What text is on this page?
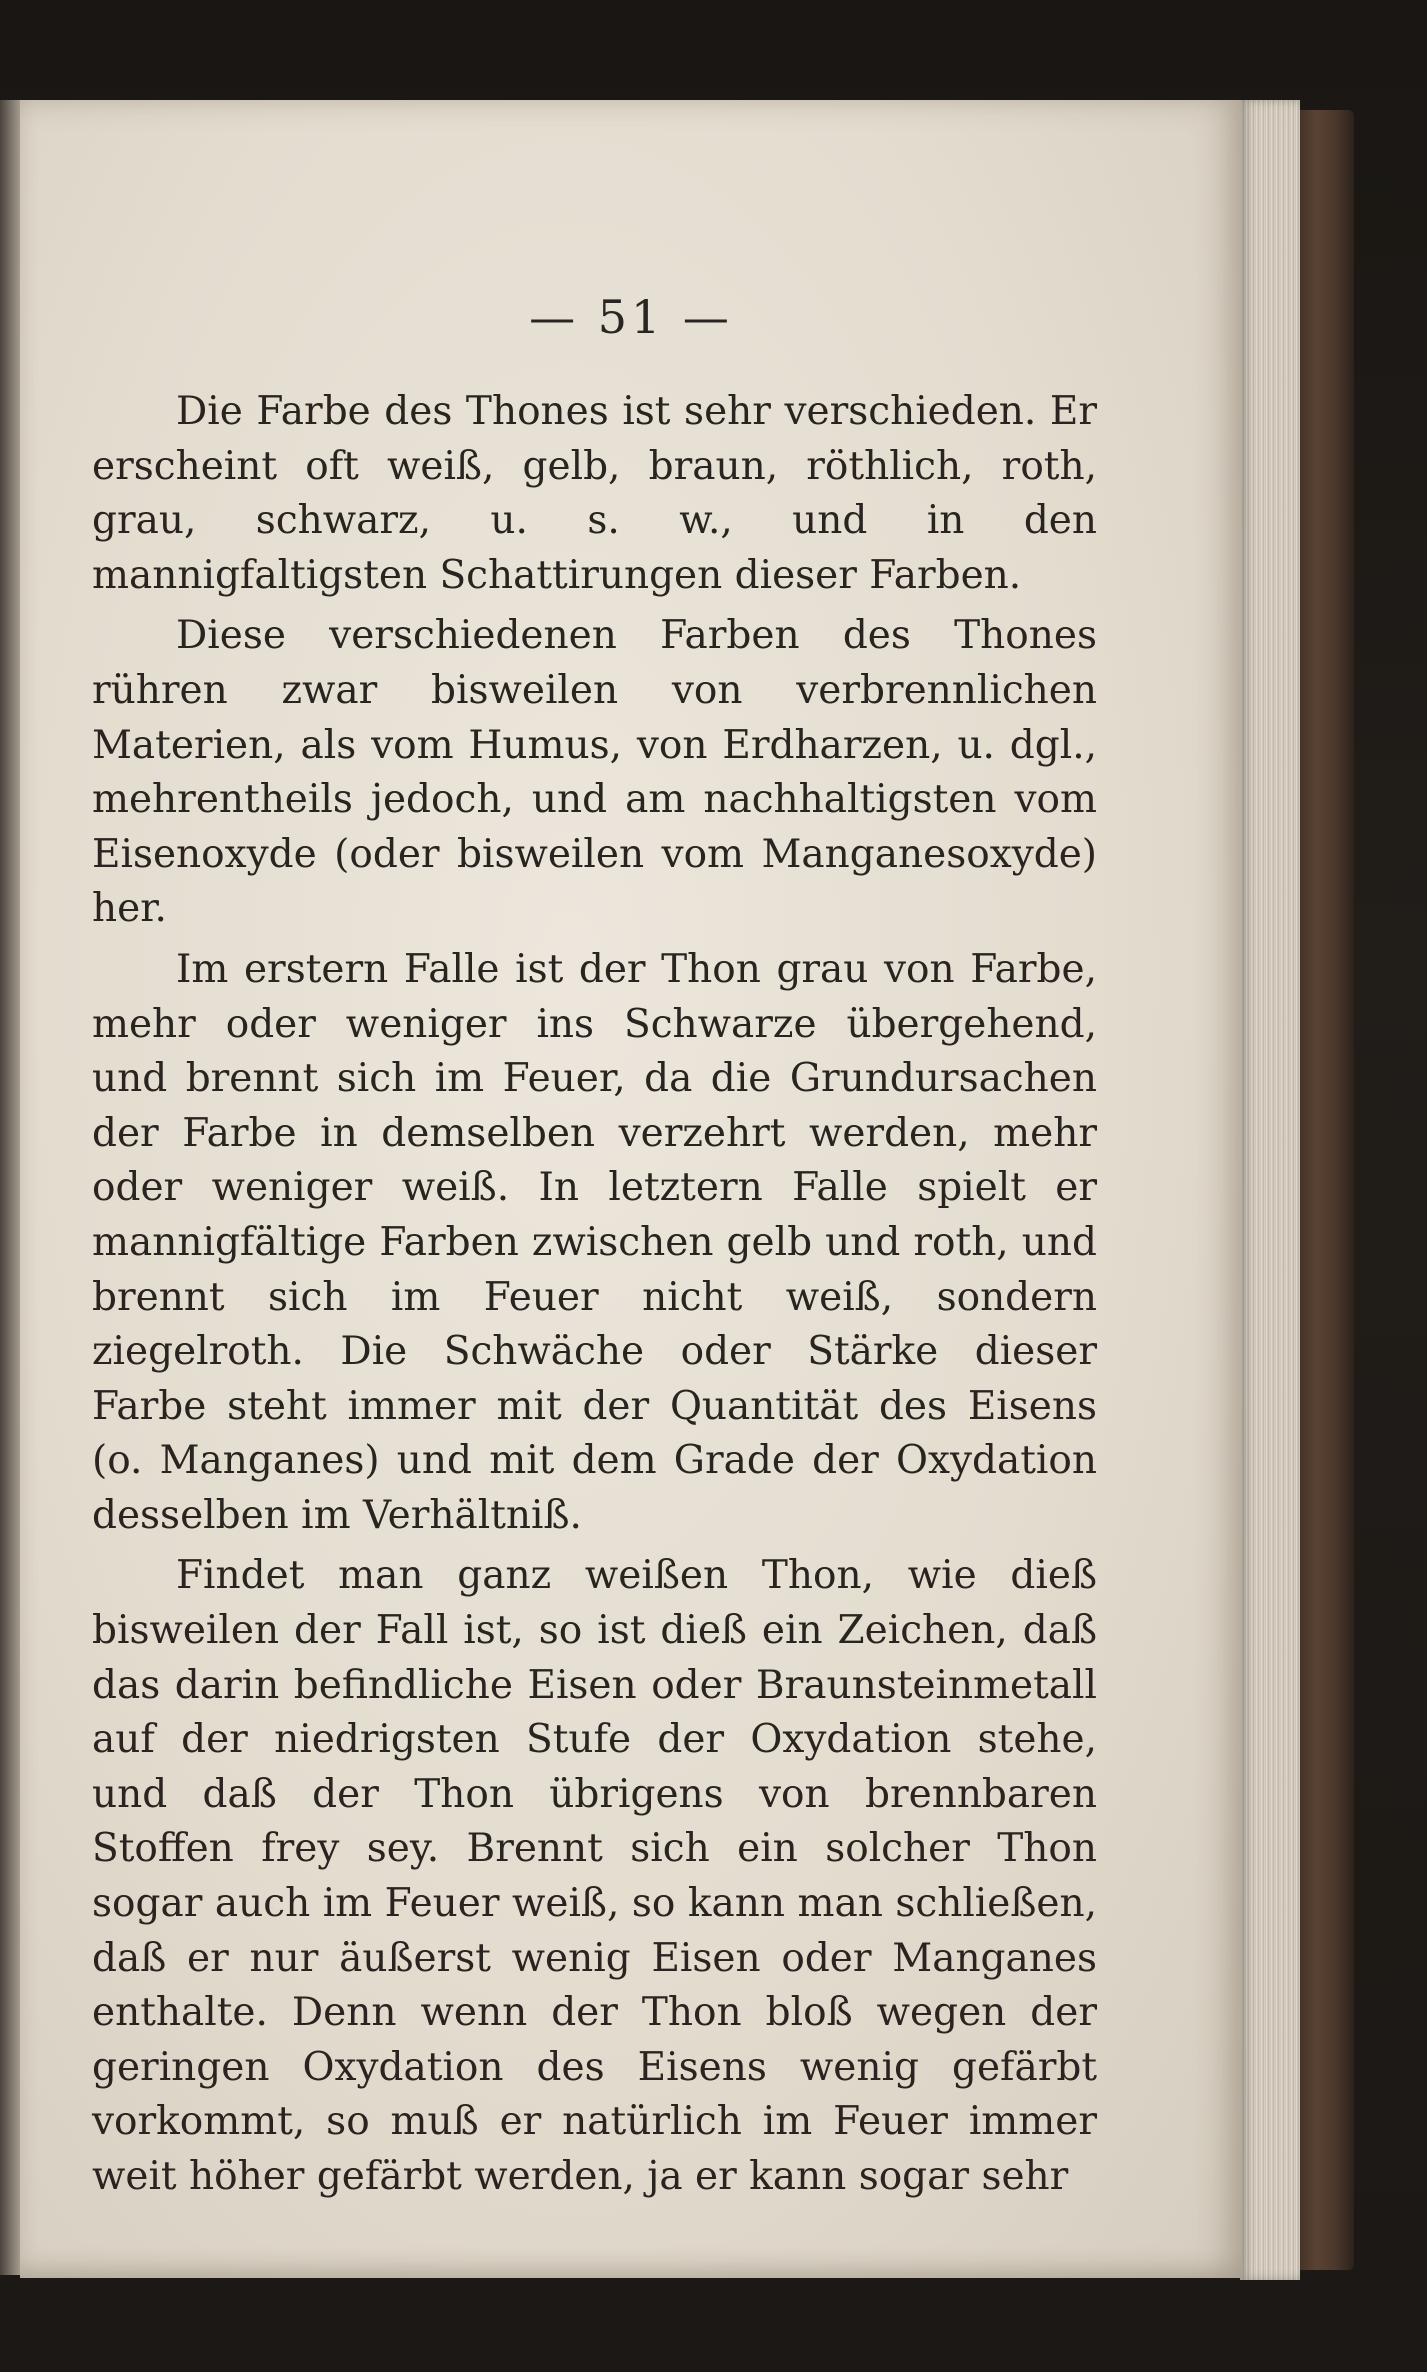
— 51 —

Die Farbe des Thones ist sehr verschieden. Er erscheint oft weiß, gelb, braun, röthlich, roth, grau, schwarz, u. s. w., und in den mannigfaltigsten Schattirungen dieser Farben.

Diese verschiedenen Farben des Thones rühren zwar bisweilen von verbrennlichen Materien, als vom Humus, von Erdharzen, u. dgl., mehrentheils jedoch, und am nachhaltigsten vom Eisenoxyde (oder bisweilen vom Manganesoxyde) her.

Im erstern Falle ist der Thon grau von Farbe, mehr oder weniger ins Schwarze übergehend, und brennt sich im Feuer, da die Grundursachen der Farbe in demselben verzehrt werden, mehr oder weniger weiß. In letztern Falle spielt er mannigfältige Farben zwischen gelb und roth, und brennt sich im Feuer nicht weiß, sondern ziegelroth. Die Schwäche oder Stärke dieser Farbe steht immer mit der Quantität des Eisens (o. Manganes) und mit dem Grade der Oxydation desselben im Verhältniß.

Findet man ganz weißen Thon, wie dieß bisweilen der Fall ist, so ist dieß ein Zeichen, daß das darin befindliche Eisen oder Braunsteinmetall auf der niedrigsten Stufe der Oxydation stehe, und daß der Thon übrigens von brennbaren Stoffen frey sey. Brennt sich ein solcher Thon sogar auch im Feuer weiß, so kann man schließen, daß er nur äußerst wenig Eisen oder Manganes enthalte. Denn wenn der Thon bloß wegen der geringen Oxydation des Eisens wenig gefärbt vorkommt, so muß er natürlich im Feuer immer weit höher gefärbt werden, ja er kann sogar sehr
